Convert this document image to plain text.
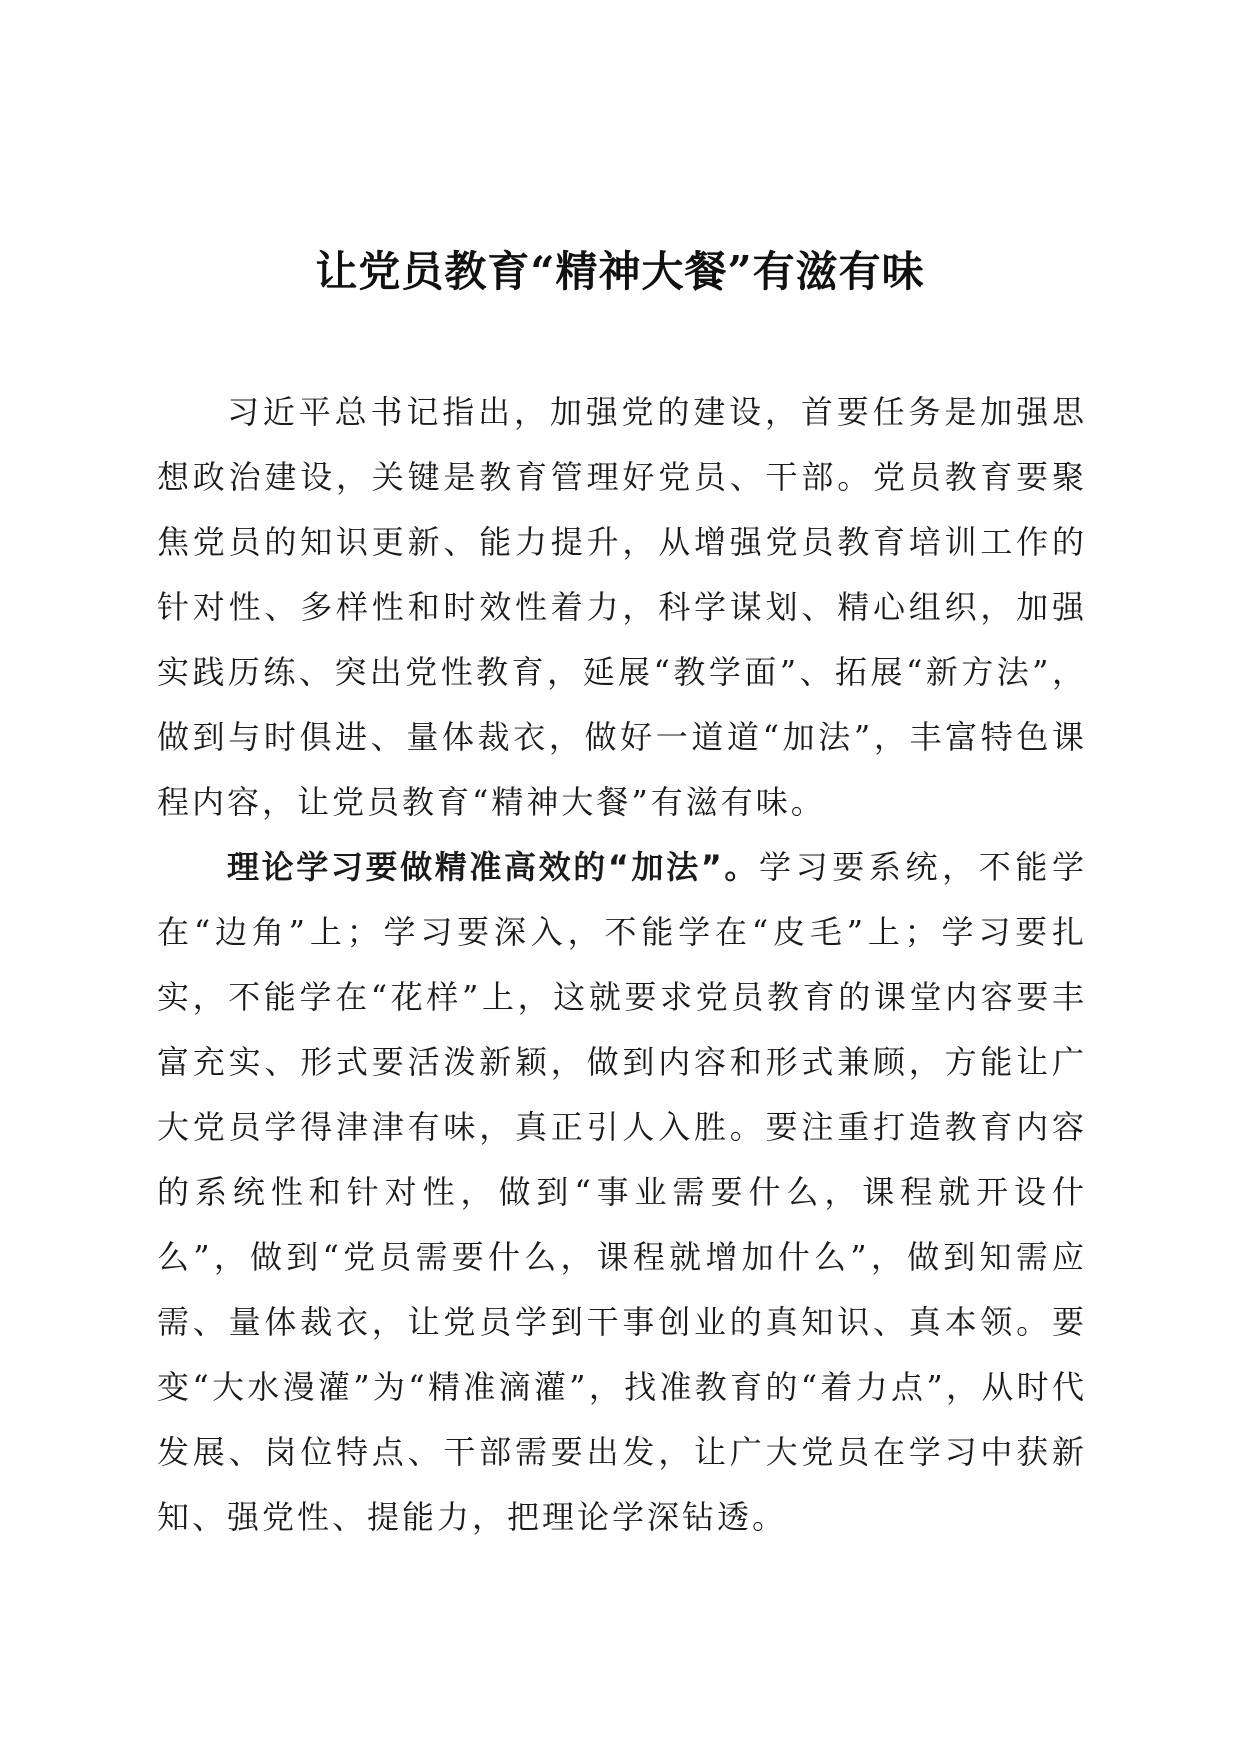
让党员教育“精神大餐”有滋有味

习近平总书记指出，加强党的建设，首要任务是加强思想政治建设，关键是教育管理好党员、干部。党员教育要聚焦党员的知识更新、能力提升，从增强党员教育培训工作的针对性、多样性和时效性着力，科学谋划、精心组织，加强实践历练、突出党性教育，延展“教学面”、拓展“新方法”，做到与时俱进、量体裁衣，做好一道道“加法”，丰富特色课程内容，让党员教育“精神大餐”有滋有味。

理论学习要做精准高效的“加法”。学习要系统，不能学在“边角”上；学习要深入，不能学在“皮毛”上；学习要扎实，不能学在“花样”上，这就要求党员教育的课堂内容要丰富充实、形式要活泼新颖，做到内容和形式兼顾，方能让广大党员学得津津有味，真正引人入胜。要注重打造教育内容的系统性和针对性，做到“事业需要什么，课程就开设什么”，做到“党员需要什么，课程就增加什么”，做到知需应需、量体裁衣，让党员学到干事创业的真知识、真本领。要变“大水漫灌”为“精准滴灌”，找准教育的“着力点”，从时代发展、岗位特点、干部需要出发，让广大党员在学习中获新知、强党性、提能力，把理论学深钻透。
